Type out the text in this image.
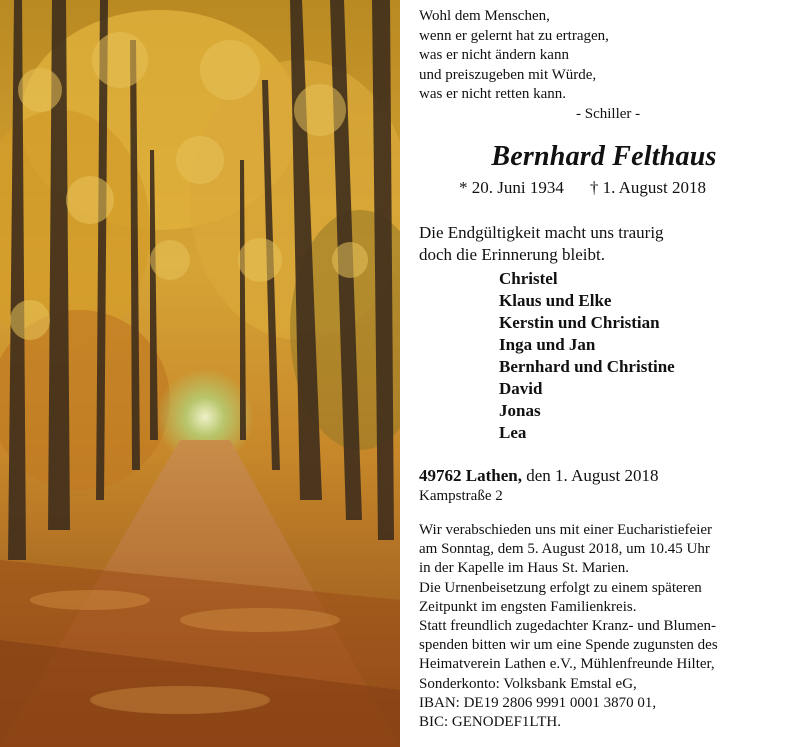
Wohl dem Menschen,
wenn er gelernt hat zu ertragen,
was er nicht ändern kann
und preiszugeben mit Würde,
was er nicht retten kann.
- Schiller -
Bernhard Felthaus
* 20. Juni 1934 † 1. August 2018
Die Endgültigkeit macht uns traurig
doch die Erinnerung bleibt.
Christel
Klaus und Elke
Kerstin und Christian
Inga und Jan
Bernhard und Christine
David
Jonas
Lea
49762 Lathen, den 1. August 2018
Kampstraße 2
Wir verabschieden uns mit einer Eucharistiefeier
am Sonntag, dem 5. August 2018, um 10.45 Uhr
in der Kapelle im Haus St. Marien.
Die Urnenbeisetzung erfolgt zu einem späteren
Zeitpunkt im engsten Familienkreis.
Statt freundlich zugedachter Kranz- und Blumen-
spenden bitten wir um eine Spende zugunsten des
Heimatverein Lathen e.V., Mühlenfreunde Hilter,
Sonderkonto: Volksbank Emstal eG,
IBAN: DE19 2806 9991 0001 3870 01,
BIC: GENODEF1LTH.
